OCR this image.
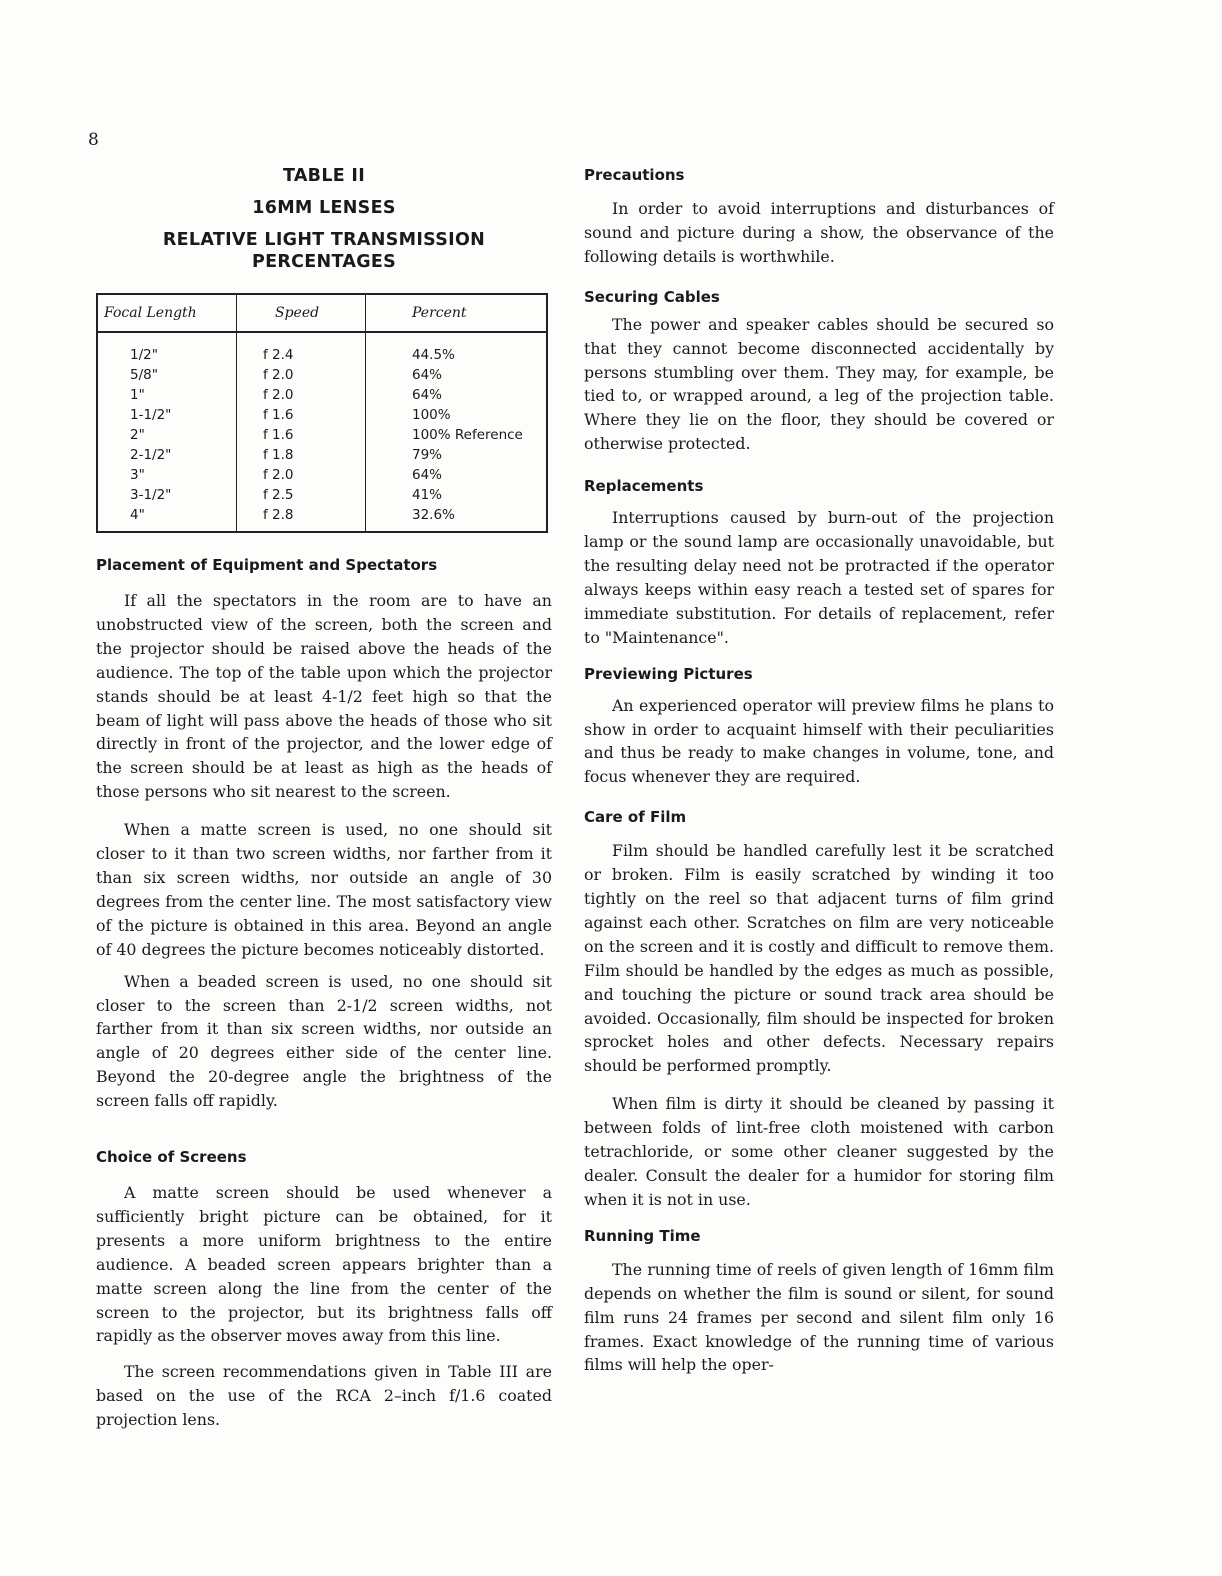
8
TABLE II
16MM LENSES
RELATIVE LIGHT TRANSMISSION PERCENTAGES
Focal Length	Speed	Percent
1/2"	f 2.4	44.5%
5/8"	f 2.0	64%
1"	f 2.0	64%
1-1/2"	f 1.6	100%
2"	f 1.6	100% Reference
2-1/2"	f 1.8	79%
3"	f 2.0	64%
3-1/2"	f 2.5	41%
4"	f 2.8	32.6%
Placement of Equipment and Spectators

If all the spectators in the room are to have an unobstructed view of the screen, both the screen and the projector should be raised above the heads of the audience. The top of the table upon which the projector stands should be at least 4-1/2 feet high so that the beam of light will pass above the heads of those who sit directly in front of the projector, and the lower edge of the screen should be at least as high as the heads of those persons who sit nearest to the screen.

When a matte screen is used, no one should sit closer to it than two screen widths, nor farther from it than six screen widths, nor outside an angle of 30 degrees from the center line. The most satisfactory view of the picture is obtained in this area. Beyond an angle of 40 degrees the picture becomes noticeably distorted.

When a beaded screen is used, no one should sit closer to the screen than 2-1/2 screen widths, not farther from it than six screen widths, nor outside an angle of 20 degrees either side of the center line. Beyond the 20-degree angle the brightness of the screen falls off rapidly.

Choice of Screens

A matte screen should be used whenever a sufficiently bright picture can be obtained, for it presents a more uniform brightness to the entire audience. A beaded screen appears brighter than a matte screen along the line from the center of the screen to the projector, but its brightness falls off rapidly as the observer moves away from this line.

The screen recommendations given in Table III are based on the use of the RCA 2–inch f/1.6 coated projection lens.

Precautions

In order to avoid interruptions and disturbances of sound and picture during a show, the observance of the following details is worthwhile.

Securing Cables

The power and speaker cables should be secured so that they cannot become disconnected accidentally by persons stumbling over them. They may, for example, be tied to, or wrapped around, a leg of the projection table. Where they lie on the floor, they should be covered or otherwise protected.

Replacements

Interruptions caused by burn-out of the projection lamp or the sound lamp are occasionally unavoidable, but the resulting delay need not be protracted if the operator always keeps within easy reach a tested set of spares for immediate substitution. For details of replacement, refer to "Maintenance".

Previewing Pictures

An experienced operator will preview films he plans to show in order to acquaint himself with their peculiarities and thus be ready to make changes in volume, tone, and focus whenever they are required.

Care of Film

Film should be handled carefully lest it be scratched or broken. Film is easily scratched by winding it too tightly on the reel so that adjacent turns of film grind against each other. Scratches on film are very noticeable on the screen and it is costly and difficult to remove them. Film should be handled by the edges as much as possible, and touching the picture or sound track area should be avoided. Occasionally, film should be inspected for broken sprocket holes and other defects. Necessary repairs should be performed promptly.

When film is dirty it should be cleaned by passing it between folds of lint-free cloth moistened with carbon tetrachloride, or some other cleaner suggested by the dealer. Consult the dealer for a humidor for storing film when it is not in use.

Running Time

The running time of reels of given length of 16mm film depends on whether the film is sound or silent, for sound film runs 24 frames per second and silent film only 16 frames. Exact knowledge of the running time of various films will help the oper-
